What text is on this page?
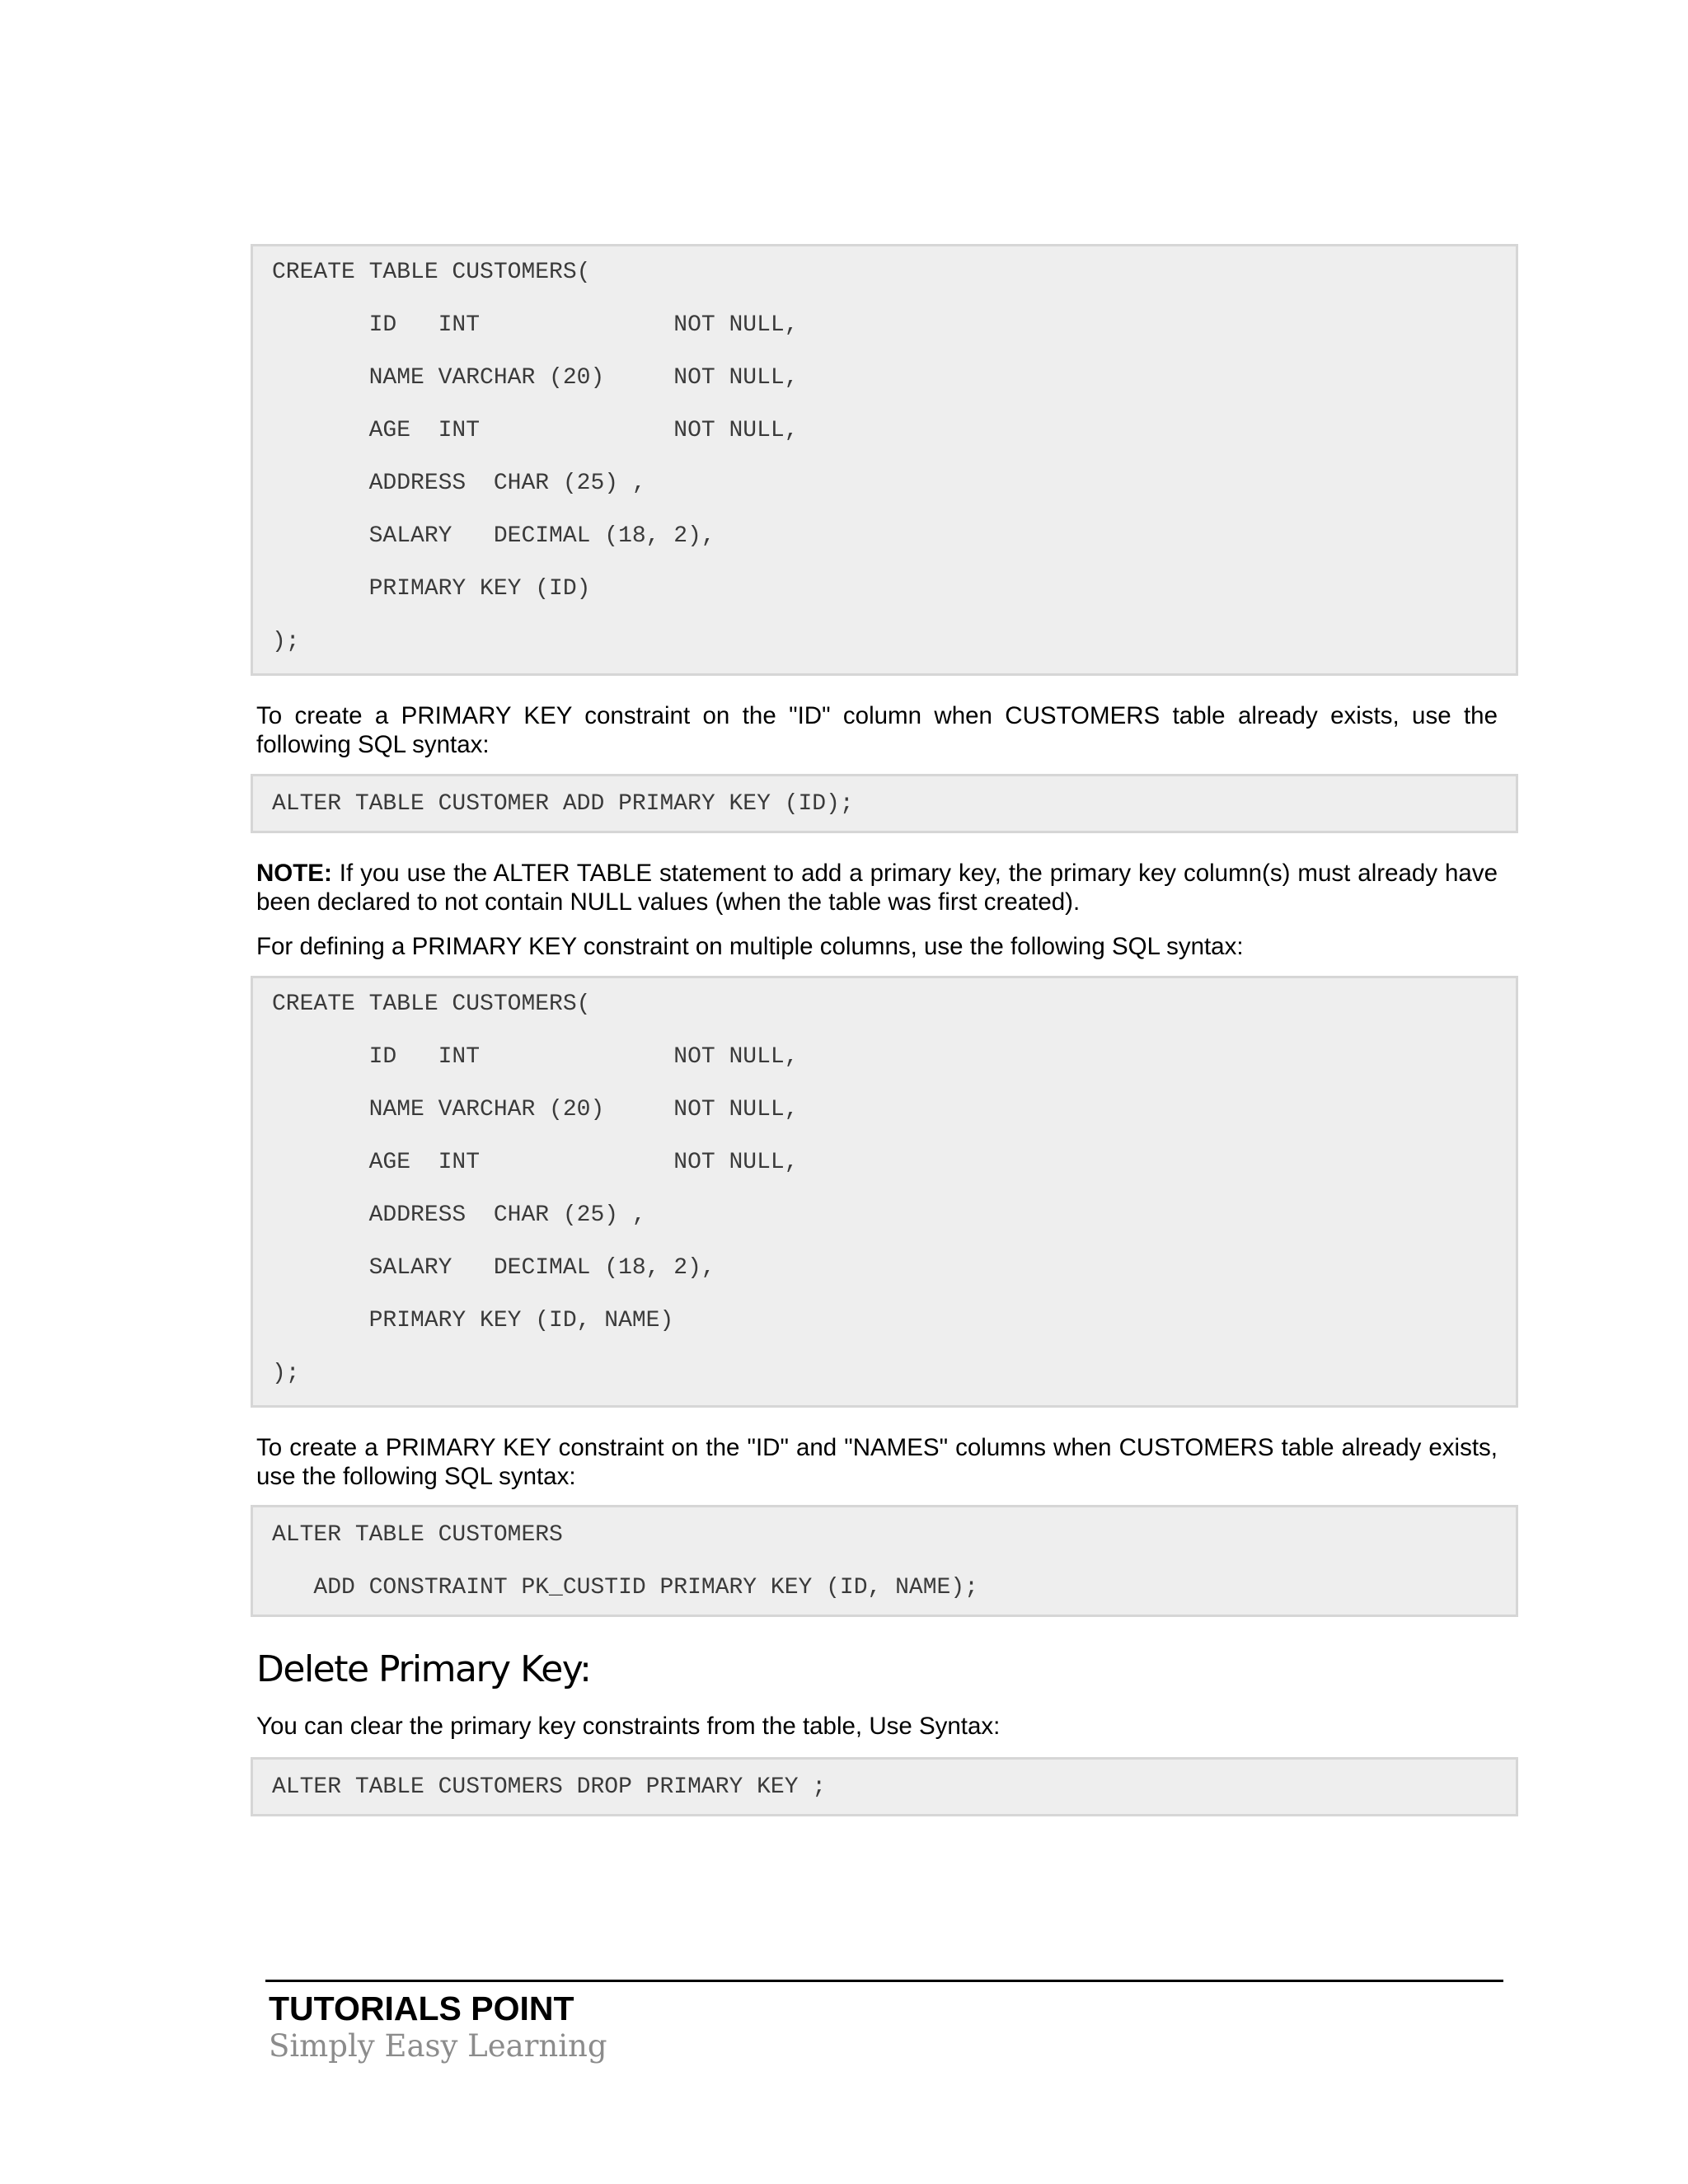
CREATE TABLE CUSTOMERS(
ID   INT              NOT NULL,
NAME VARCHAR (20)     NOT NULL,
AGE  INT              NOT NULL,
ADDRESS  CHAR (25) ,
SALARY   DECIMAL (18, 2),
PRIMARY KEY (ID)
);
To create a PRIMARY KEY constraint on the "ID" column when CUSTOMERS table already exists, use the following SQL syntax:
ALTER TABLE CUSTOMER ADD PRIMARY KEY (ID);
NOTE: If you use the ALTER TABLE statement to add a primary key, the primary key column(s) must already have been declared to not contain NULL values (when the table was first created).
For defining a PRIMARY KEY constraint on multiple columns, use the following SQL syntax:
CREATE TABLE CUSTOMERS(
ID   INT              NOT NULL,
NAME VARCHAR (20)     NOT NULL,
AGE  INT              NOT NULL,
ADDRESS  CHAR (25) ,
SALARY   DECIMAL (18, 2),
PRIMARY KEY (ID, NAME)
);
To create a PRIMARY KEY constraint on the "ID" and "NAMES" columns when CUSTOMERS table already exists, use the following SQL syntax:
ALTER TABLE CUSTOMERS
ADD CONSTRAINT PK_CUSTID PRIMARY KEY (ID, NAME);
Delete Primary Key:
You can clear the primary key constraints from the table, Use Syntax:
ALTER TABLE CUSTOMERS DROP PRIMARY KEY ;
TUTORIALS POINT
Simply Easy Learning
